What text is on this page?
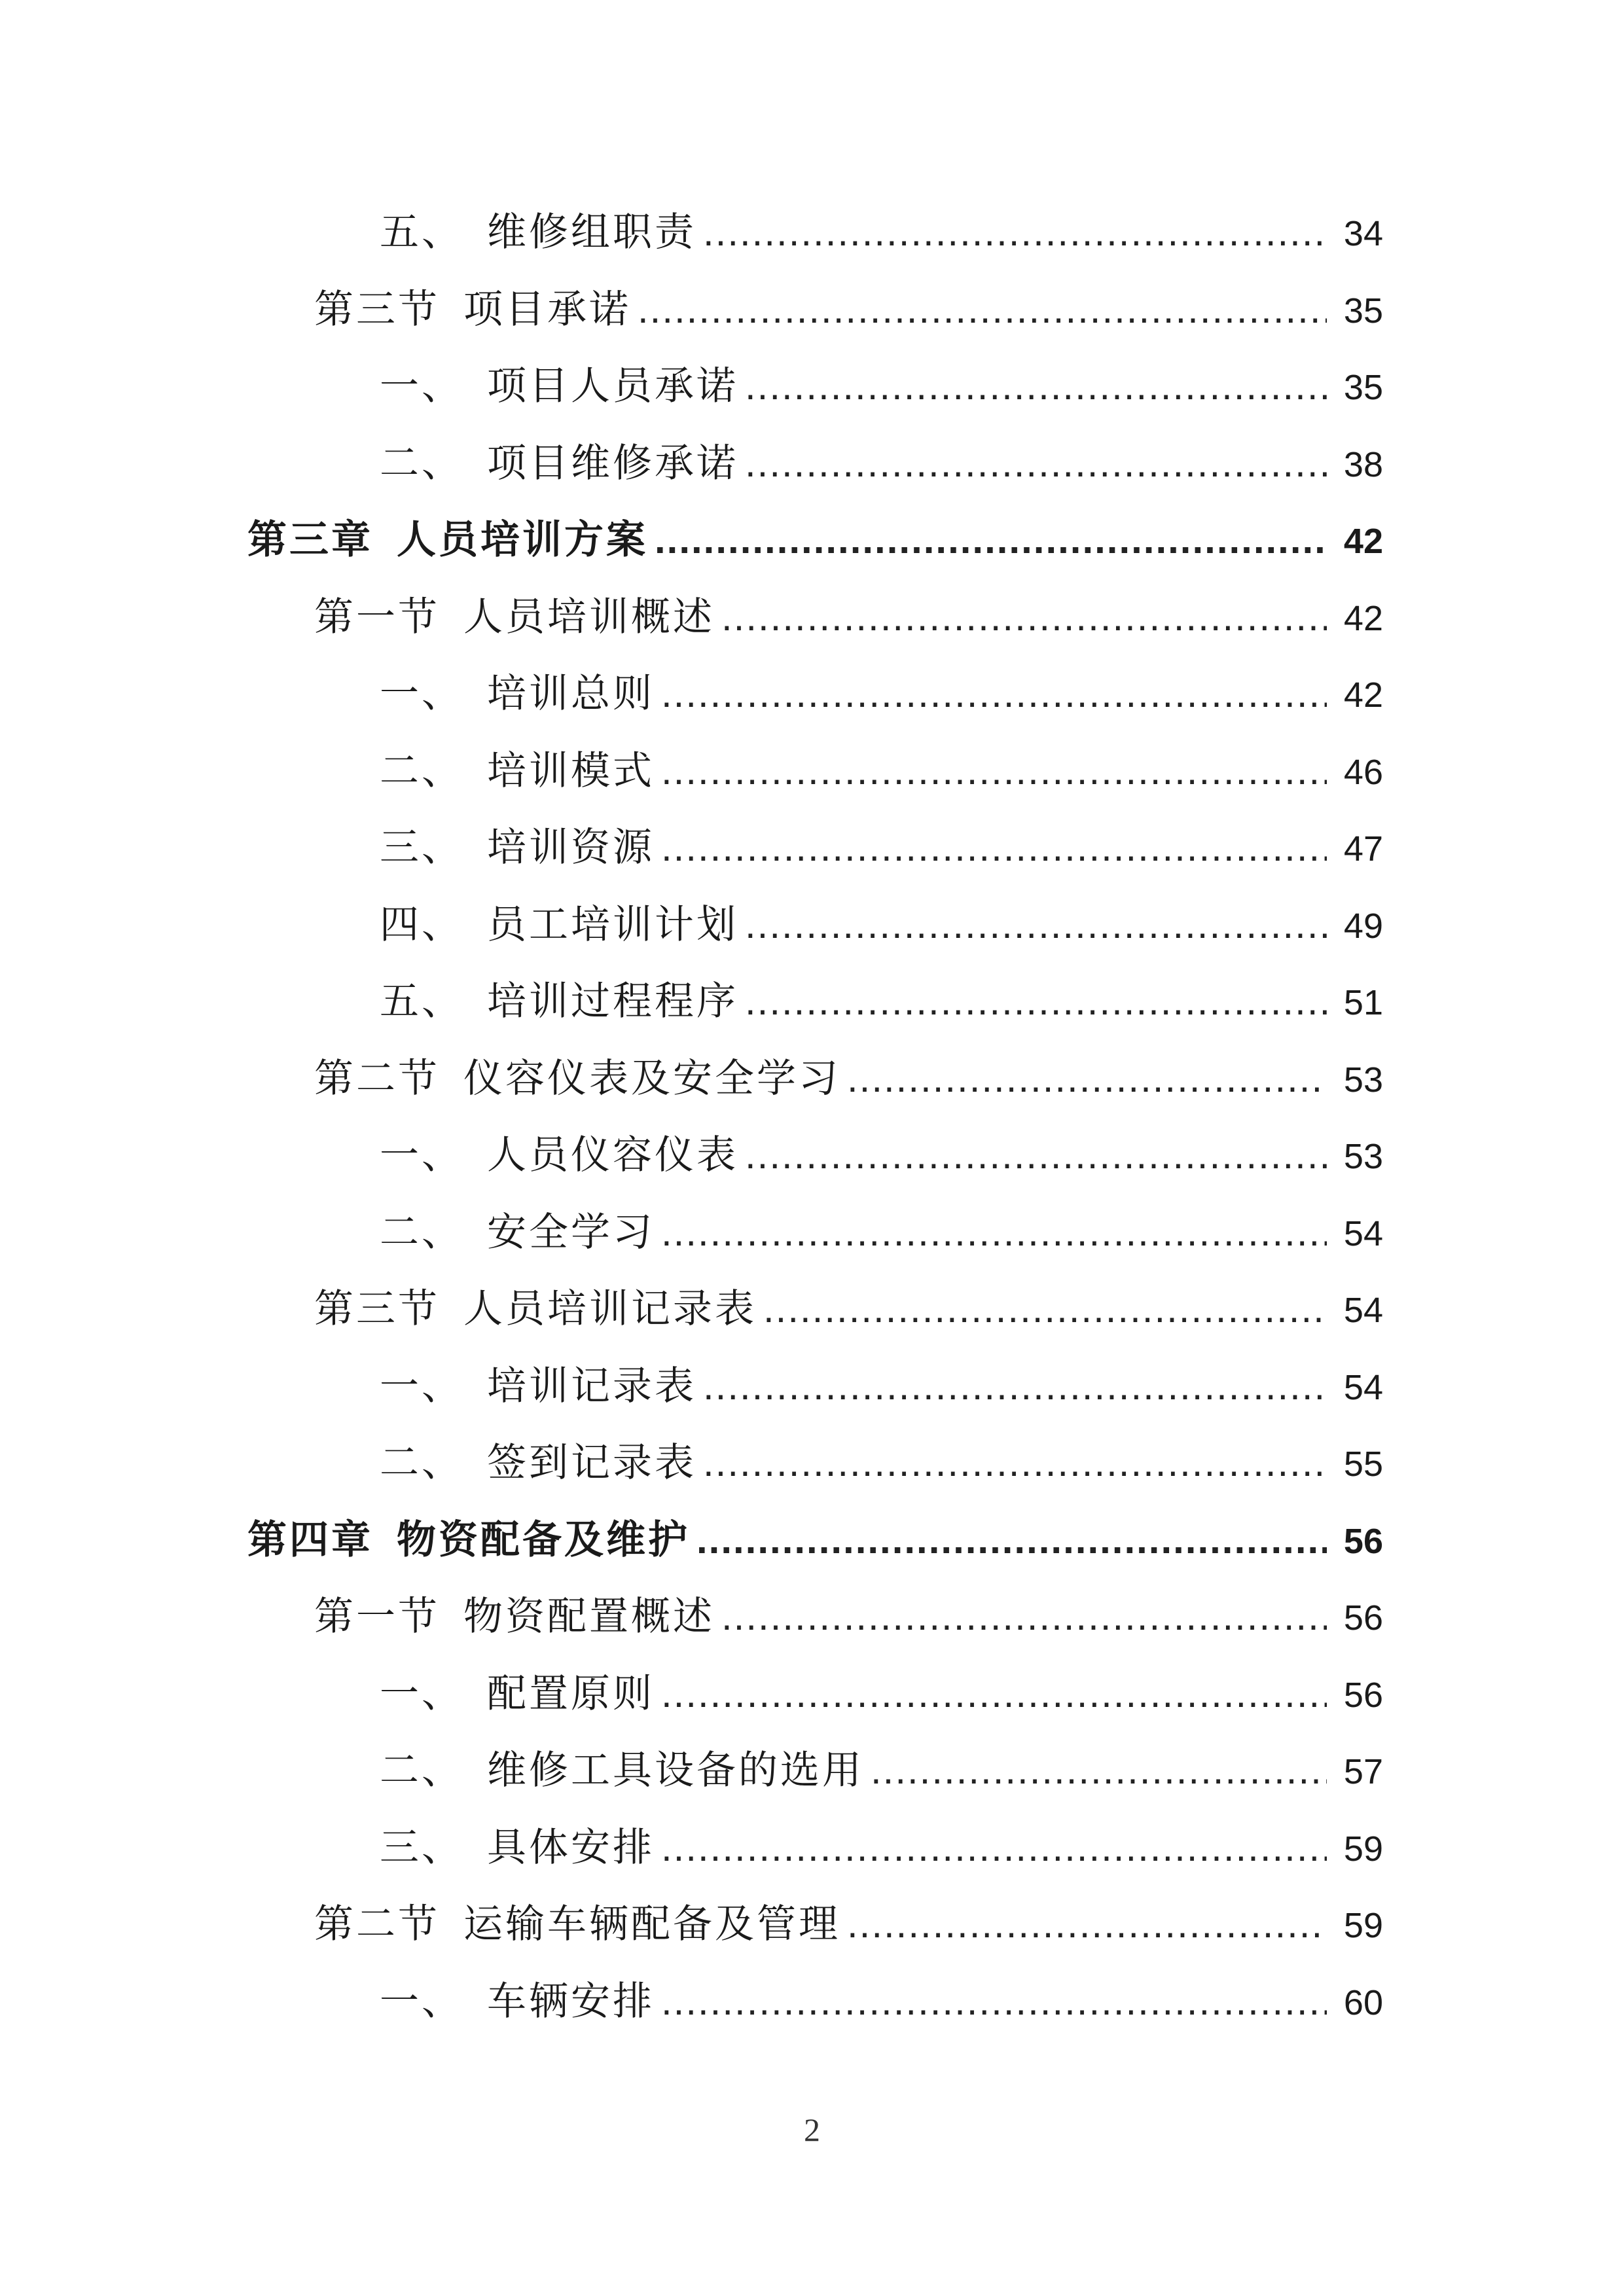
五、 维修组职责 .....	34
第三节 项目承诺 .....	35
一、 项目人员承诺 .....	35
二、 项目维修承诺 .....	38
第三章 人员培训方案 .....	42
第一节 人员培训概述 .....	42
一、 培训总则 .....	42
二、 培训模式 .....	46
三、 培训资源 .....	47
四、 员工培训计划 .....	49
五、 培训过程程序 .....	51
第二节 仪容仪表及安全学习 .....	53
一、 人员仪容仪表 .....	53
二、 安全学习 .....	54
第三节 人员培训记录表 .....	54
一、 培训记录表 .....	54
二、 签到记录表 .....	55
第四章 物资配备及维护 .....	56
第一节 物资配置概述 .....	56
一、 配置原则 .....	56
二、 维修工具设备的选用 .....	57
三、 具体安排 .....	59
第二节 运输车辆配备及管理 .....	59
一、 车辆安排 .....	60
2
